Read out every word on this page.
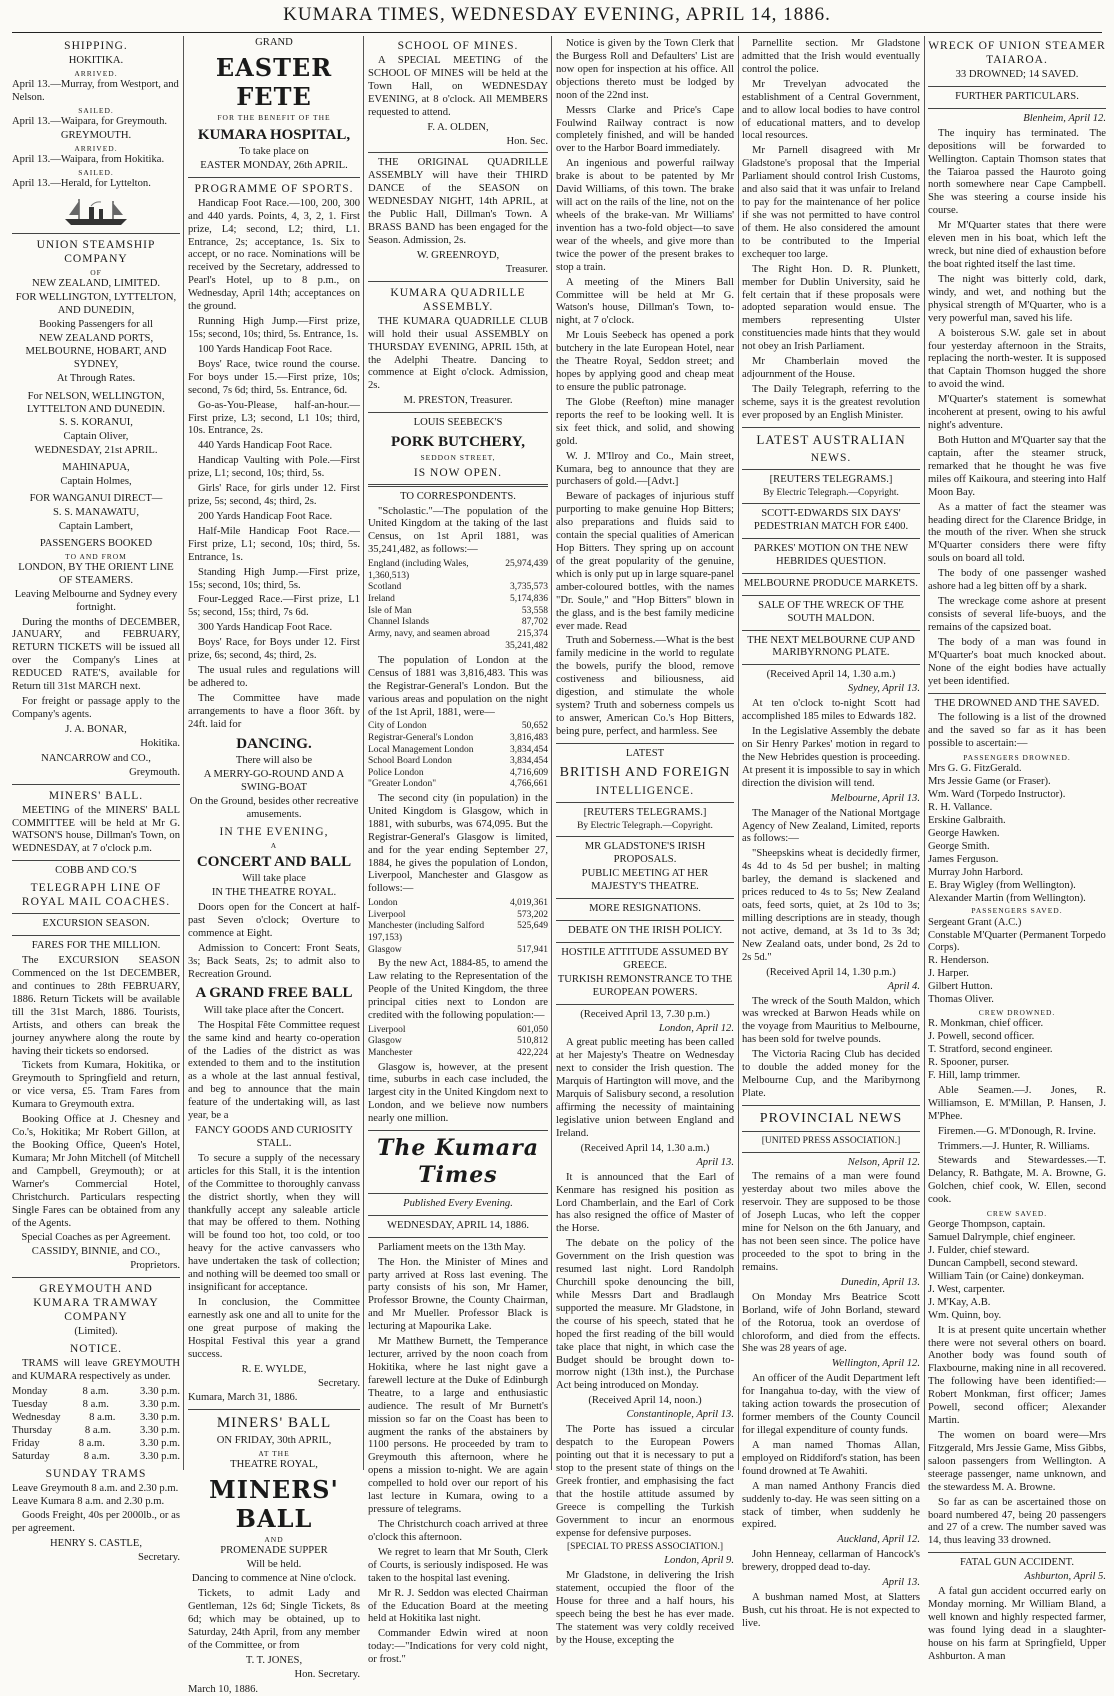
KUMARA TIMES, WEDNESDAY EVENING, APRIL 14, 1886.
SHIPPING.
HOKITIKA.
ARRIVED.
April 13.—Murray, from Westport, and Nelson.
SAILED.
April 13.—Waipara, for Greymouth.
GREYMOUTH.
ARRIVED.
April 13.—Waipara, from Hokitika.
SAILED.
April 13.—Herald, for Lyttelton.
UNION STEAMSHIP COMPANY
OF
NEW ZEALAND, LIMITED.
FOR WELLINGTON, LYTTELTON, AND DUNEDIN,
Booking Passengers for all
NEW ZEALAND PORTS, MELBOURNE, HOBART, AND SYDNEY,
At Through Rates.
For NELSON, WELLINGTON, LYTTELTON AND DUNEDIN.
S. S. KORANUI,
Captain Oliver,
WEDNESDAY, 21st APRIL.
MAHINAPUA,
Captain Holmes,
FOR WANGANUI DIRECT—
S. S. MANAWATU,
Captain Lambert,
PASSENGERS BOOKED
TO AND FROM
LONDON, BY THE ORIENT LINE OF STEAMERS.
Leaving Melbourne and Sydney every fortnight.
During the months of DECEMBER, JANUARY, and FEBRUARY, RETURN TICKETS will be issued all over the Company's Lines at REDUCED RATE'S, available for Return till 31st MARCH next.
For freight or passage apply to the Company's agents.
J. A. BONAR,
Hokitika.
NANCARROW and CO.,
Greymouth.
MINERS' BALL.
MEETING of the MINERS' BALL COMMITTEE will be held at Mr G. WATSON'S house, Dillman's Town, on WEDNESDAY, at 7 o'clock p.m.
COBB AND CO.'S
TELEGRAPH LINE OF ROYAL MAIL COACHES.
EXCURSION SEASON.
FARES FOR THE MILLION.
The EXCURSION SEASON Commenced on the 1st DECEMBER, and continues to 28th FEBRUARY, 1886. Return Tickets will be available till the 31st March, 1886. Tourists, Artists, and others can break the journey anywhere along the route by having their tickets so endorsed.
Tickets from Kumara, Hokitika, or Greymouth to Springfield and return, or vice versa, £5. Tram Fares from Kumara to Greymouth extra.
Booking Office at J. Chesney and Co.'s, Hokitika; Mr Robert Gillon, at the Booking Office, Queen's Hotel, Kumara; Mr John Mitchell (of Mitchell and Campbell, Greymouth); or at Warner's Commercial Hotel, Christchurch. Particulars respecting Single Fares can be obtained from any of the Agents.
Special Coaches as per Agreement.
CASSIDY, BINNIE, and CO.,
Proprietors.
GREYMOUTH AND KUMARA TRAMWAY COMPANY
(Limited).
NOTICE.
TRAMS will leave GREYMOUTH and KUMARA respectively as under.
Monday	8 a.m.	3.30 p.m.
Tuesday	8 a.m.	3.30 p.m.
Wednesday	8 a.m. 3.30 p.m.
Thursday	8 a.m.	3.30 p.m.
Friday	8 a.m.	3.30 p.m.
Saturday	8 a.m.	3.30 p.m.
SUNDAY TRAMS
Leave Greymouth 8 a.m. and 2.30 p.m.
Leave Kumara 8 a.m. and 2.30 p.m.
Goods Freight, 40s per 2000lb., or as per agreement.
HENRY S. CASTLE,
Secretary.
GRAND
EASTER FETE
FOR THE BENEFIT OF THE
KUMARA HOSPITAL,
To take place on
EASTER MONDAY, 26th APRIL.
PROGRAMME OF SPORTS.
Handicap Foot Race.—100, 200, 300 and 440 yards. Points, 4, 3, 2, 1. First prize, L4; second, L2; third, L1. Entrance, 2s; acceptance, 1s. Six to accept, or no race. Nominations will be received by the Secretary, addressed to Pearl's Hotel, up to 8 p.m., on Wednesday, April 14th; acceptances on the ground.
Running High Jump.—First prize, 15s; second, 10s; third, 5s. Entrance, 1s.
100 Yards Handicap Foot Race.
Boys' Race, twice round the course. For boys under 15.—First prize, 10s; second, 7s 6d; third, 5s. Entrance, 6d.
Go-as-You-Please, half-an-hour.—First prize, L3; second, L1 10s; third, 10s. Entrance, 2s.
440 Yards Handicap Foot Race.
Handicap Vaulting with Pole.—First prize, L1; second, 10s; third, 5s.
Girls' Race, for girls under 12. First prize, 5s; second, 4s; third, 2s.
200 Yards Handicap Foot Race.
Half-Mile Handicap Foot Race.—First prize, L1; second, 10s; third, 5s. Entrance, 1s.
Standing High Jump.—First prize, 15s; second, 10s; third, 5s.
Four-Legged Race.—First prize, L1 5s; second, 15s; third, 7s 6d.
300 Yards Handicap Foot Race.
Boys' Race, for Boys under 12. First prize, 6s; second, 4s; third, 2s.
The usual rules and regulations will be adhered to.
The Committee have made arrangements to have a floor 36ft. by 24ft. laid for
DANCING.
There will also be
A MERRY-GO-ROUND AND A SWING-BOAT
On the Ground, besides other recreative amusements.
IN THE EVENING,
A
CONCERT AND BALL
Will take place
IN THE THEATRE ROYAL.
Doors open for the Concert at half-past Seven o'clock; Overture to commence at Eight.
Admission to Concert: Front Seats, 3s; Back Seats, 2s; to admit also to Recreation Ground.
A GRAND FREE BALL
Will take place after the Concert.
The Hospital Fête Committee request the same kind and hearty co-operation of the Ladies of the district as was extended to them and to the institution as a whole at the last annual festival, and beg to announce that the main feature of the undertaking will, as last year, be a
FANCY GOODS AND CURIOSITY STALL.
To secure a supply of the necessary articles for this Stall, it is the intention of the Committee to thoroughly canvass the district shortly, when they will thankfully accept any saleable article that may be offered to them. Nothing will be found too hot, too cold, or too heavy for the active canvassers who have undertaken the task of collection; and nothing will be deemed too small or insignificant for acceptance.
In conclusion, the Committee earnestly ask one and all to unite for the one great purpose of making the Hospital Festival this year a grand success.
R. E. WYLDE,
Secretary.
Kumara, March 31, 1886.
MINERS' BALL
ON FRIDAY, 30th APRIL,
AT THE
THEATRE ROYAL,
MINERS' BALL
AND
PROMENADE SUPPER
Will be held.
Dancing to commence at Nine o'clock.
Tickets, to admit Lady and Gentleman, 12s 6d; Single Tickets, 8s 6d; which may be obtained, up to Saturday, 24th April, from any member of the Committee, or from
T. T. JONES,
Hon. Secretary.
March 10, 1886.
SCHOOL OF MINES.
A SPECIAL MEETING of the SCHOOL OF MINES will be held at the Town Hall, on WEDNESDAY EVENING, at 8 o'clock. All MEMBERS requested to attend.
F. A. OLDEN,
Hon. Sec.
THE ORIGINAL QUADRILLE ASSEMBLY will have their THIRD DANCE of the SEASON on WEDNESDAY NIGHT, 14th APRIL, at the Public Hall, Dillman's Town. A BRASS BAND has been engaged for the Season. Admission, 2s.
W. GREENROYD,
Treasurer.
KUMARA QUADRILLE ASSEMBLY.
THE KUMARA QUADRILLE CLUB will hold their usual ASSEMBLY on THURSDAY EVENING, APRIL 15th, at the Adelphi Theatre. Dancing to commence at Eight o'clock. Admission, 2s.
M. PRESTON, Treasurer.
LOUIS SEEBECK'S
PORK BUTCHERY,
SEDDON STREET,
IS NOW OPEN.
TO CORRESPONDENTS.
"Scholastic."—The population of the United Kingdom at the taking of the last Census, on 1st April 1881, was 35,241,482, as follows:—
England (including Wales, 1,360,513)
25,974,439
Scotland	3,735,573
Ireland	5,174,836
Isle of Man	53,558
Channel Islands	87,702
Army, navy, and seamen abroad	215,374
35,241,482
The population of London at the Census of 1881 was 3,816,483. This was the Registrar-General's London. But the various areas and population on the night of the 1st April, 1881, were—
City of London	50,652
Registrar-General's London	3,816,483
Local Management London	3,834,454
School Board London	3,834,454
Police London	4,716,609
"Greater London"	4,766,661
The second city (in population) in the United Kingdom is Glasgow, which in 1881, with suburbs, was 674,095. But the Registrar-General's Glasgow is limited, and for the year ending September 27, 1884, he gives the population of London, Liverpool, Manchester and Glasgow as follows:—
London	4,019,361
Liverpool	573,202
Manchester (including Salford 197,153)
525,649
Glasgow	517,941
By the new Act, 1884-85, to amend the Law relating to the Representation of the People of the United Kingdom, the three principal cities next to London are credited with the following population:—
Liverpool	601,050
Glasgow	510,812
Manchester	422,224
Glasgow is, however, at the present time, suburbs in each case included, the largest city in the United Kingdom next to London, and we believe now numbers nearly one million.
The Kumara Times
Published Every Evening.
WEDNESDAY, APRIL 14, 1886.
Parliament meets on the 13th May.
The Hon. the Minister of Mines and party arrived at Ross last evening. The party consists of his son, Mr Hamer, Professor Browne, the County Chairman, and Mr Mueller. Professor Black is lecturing at Mapourika Lake.
Mr Matthew Burnett, the Temperance lecturer, arrived by the noon coach from Hokitika, where he last night gave a farewell lecture at the Duke of Edinburgh Theatre, to a large and enthusiastic audience. The result of Mr Burnett's mission so far on the Coast has been to augment the ranks of the abstainers by 1100 persons. He proceeded by tram to Greymouth this afternoon, where he opens a mission to-night. We are again compelled to hold over our report of his last lecture in Kumara, owing to a pressure of telegrams.
The Christchurch coach arrived at three o'clock this afternoon.
We regret to learn that Mr South, Clerk of Courts, is seriously indisposed. He was taken to the hospital last evening.
Mr R. J. Seddon was elected Chairman of the Education Board at the meeting held at Hokitika last night.
Commander Edwin wired at noon today:—"Indications for very cold night, or frost."
Notice is given by the Town Clerk that the Burgess Roll and Defaulters' List are now open for inspection at his office. All objections thereto must be lodged by noon of the 22nd inst.
Messrs Clarke and Price's Cape Foulwind Railway contract is now completely finished, and will be handed over to the Harbor Board immediately.
An ingenious and powerful railway brake is about to be patented by Mr David Williams, of this town. The brake will act on the rails of the line, not on the wheels of the brake-van. Mr Williams' invention has a two-fold object—to save wear of the wheels, and give more than twice the power of the present brakes to stop a train.
A meeting of the Miners Ball Committee will be held at Mr G. Watson's house, Dillman's Town, to-night, at 7 o'clock.
Mr Louis Seebeck has opened a pork butchery in the late European Hotel, near the Theatre Royal, Seddon street; and hopes by applying good and cheap meat to ensure the public patronage.
The Globe (Reefton) mine manager reports the reef to be looking well. It is six feet thick, and solid, and showing gold.
W. J. M'Ilroy and Co., Main street, Kumara, beg to announce that they are purchasers of gold.—[Advt.]
Beware of packages of injurious stuff purporting to make genuine Hop Bitters; also preparations and fluids said to contain the special qualities of American Hop Bitters. They spring up on account of the great popularity of the genuine, which is only put up in large square-panel amber-coloured bottles, with the names "Dr. Soule," and "Hop Bitters" blown in the glass, and is the best family medicine ever made. Read
Truth and Soberness.—What is the best family medicine in the world to regulate the bowels, purify the blood, remove costiveness and biliousness, aid digestion, and stimulate the whole system? Truth and soberness compels us to answer, American Co.'s Hop Bitters, being pure, perfect, and harmless. See
LATEST
BRITISH AND FOREIGN
INTELLIGENCE.
[REUTERS TELEGRAMS.]
By Electric Telegraph.—Copyright.
MR GLADSTONE'S IRISH PROPOSALS.
PUBLIC MEETING AT HER MAJESTY'S THEATRE.
MORE RESIGNATIONS.
DEBATE ON THE IRISH POLICY.
HOSTILE ATTITUDE ASSUMED BY GREECE.
TURKISH REMONSTRANCE TO THE EUROPEAN POWERS.
(Received April 13, 7.30 p.m.)
London, April 12.
A great public meeting has been called at her Majesty's Theatre on Wednesday next to consider the Irish question. The Marquis of Hartington will move, and the Marquis of Salisbury second, a resolution affirming the necessity of maintaining legislative union between England and Ireland.
(Received April 14, 1.30 a.m.)
April 13.
It is announced that the Earl of Kenmare has resigned his position as Lord Chamberlain, and the Earl of Cork has also resigned the office of Master of the Horse.
The debate on the policy of the Government on the Irish question was resumed last night. Lord Randolph Churchill spoke denouncing the bill, while Messrs Dart and Bradlaugh supported the measure. Mr Gladstone, in the course of his speech, stated that he hoped the first reading of the bill would take place that night, in which case the Budget should be brought down to-morrow night (13th inst.), the Purchase Act being introduced on Monday.
(Received April 14, noon.)
Constantinople, April 13.
The Porte has issued a circular despatch to the European Powers pointing out that it is necessary to put a stop to the present state of things on the Greek frontier, and emphasising the fact that the hostile attitude assumed by Greece is compelling the Turkish Government to incur an enormous expense for defensive purposes.
[SPECIAL TO PRESS ASSOCIATION.]
London, April 9.
Mr Gladstone, in delivering the Irish statement, occupied the floor of the House for three and a half hours, his speech being the best he has ever made. The statement was very coldly received by the House, excepting the
Parnellite section. Mr Gladstone admitted that the Irish would eventually control the police.
Mr Trevelyan advocated the establishment of a Central Government, and to allow local bodies to have control of educational matters, and to develop local resources.
Mr Parnell disagreed with Mr Gladstone's proposal that the Imperial Parliament should control Irish Customs, and also said that it was unfair to Ireland to pay for the maintenance of her police if she was not permitted to have control of them. He also considered the amount to be contributed to the Imperial exchequer too large.
The Right Hon. D. R. Plunkett, member for Dublin University, said he felt certain that if these proposals were adopted separation would ensue. The members representing Ulster constituencies made hints that they would not obey an Irish Parliament.
Mr Chamberlain moved the adjournment of the House.
The Daily Telegraph, referring to the scheme, says it is the greatest revolution ever proposed by an English Minister.
LATEST AUSTRALIAN
NEWS.
[REUTERS TELEGRAMS.]
By Electric Telegraph.—Copyright.
SCOTT-EDWARDS SIX DAYS' PEDESTRIAN MATCH FOR £400.
PARKES' MOTION ON THE NEW HEBRIDES QUESTION.
MELBOURNE PRODUCE MARKETS.
SALE OF THE WRECK OF THE SOUTH MALDON.
THE NEXT MELBOURNE CUP AND MARIBYRNONG PLATE.
(Received April 14, 1.30 a.m.)
Sydney, April 13.
At ten o'clock to-night Scott had accomplished 185 miles to Edwards 182.
In the Legislative Assembly the debate on Sir Henry Parkes' motion in regard to the New Hebrides question is proceeding. At present it is impossible to say in which direction the division will tend.
Melbourne, April 13.
The Manager of the National Mortgage Agency of New Zealand, Limited, reports as follows:—
"Sheepskins wheat is decidedly firmer, 4s 4d to 4s 5d per bushel; in malting barley, the demand is slackened and prices reduced to 4s to 5s; New Zealand oats, feed sorts, quiet, at 2s 10d to 3s; milling descriptions are in steady, though not active, demand, at 3s 1d to 3s 3d; New Zealand oats, under bond, 2s 2d to 2s 5d."
(Received April 14, 1.30 p.m.)
April 4.
The wreck of the South Maldon, which was wrecked at Barwon Heads while on the voyage from Mauritius to Melbourne, has been sold for twelve pounds.
The Victoria Racing Club has decided to double the added money for the Melbourne Cup, and the Maribyrnong Plate.
PROVINCIAL NEWS
[UNITED PRESS ASSOCIATION.]
Nelson, April 12.
The remains of a man were found yesterday about two miles above the reservoir. They are supposed to be those of Joseph Lucas, who left the copper mine for Nelson on the 6th January, and has not been seen since. The police have proceeded to the spot to bring in the remains.
Dunedin, April 13.
On Monday Mrs Beatrice Scott Borland, wife of John Borland, steward of the Rotorua, took an overdose of chloroform, and died from the effects. She was 28 years of age.
Wellington, April 12.
An officer of the Audit Department left for Inangahua to-day, with the view of taking action towards the prosecution of former members of the County Council for illegal expenditure of county funds.
A man named Thomas Allan, employed on Riddiford's station, has been found drowned at Te Awahiti.
A man named Anthony Francis died suddenly to-day. He was seen sitting on a stack of timber, when suddenly he expired.
Auckland, April 12.
John Henneay, cellarman of Hancock's brewery, dropped dead to-day.
April 13.
A bushman named Most, at Slatters Bush, cut his throat. He is not expected to live.
WRECK OF UNION STEAMER TAIAROA.
33 DROWNED; 14 SAVED.
FURTHER PARTICULARS.
Blenheim, April 12.
The inquiry has terminated. The depositions will be forwarded to Wellington. Captain Thomson states that the Taiaroa passed the Hauroto going north somewhere near Cape Campbell. She was steering a course inside his course.
Mr M'Quarter states that there were eleven men in his boat, which left the wreck, but nine died of exhaustion before the boat righted itself the last time.
The night was bitterly cold, dark, windy, and wet, and nothing but the physical strength of M'Quarter, who is a very powerful man, saved his life.
A boisterous S.W. gale set in about four yesterday afternoon in the Straits, replacing the north-wester. It is supposed that Captain Thomson hugged the shore to avoid the wind.
M'Quarter's statement is somewhat incoherent at present, owing to his awful night's adventure.
Both Hutton and M'Quarter say that the captain, after the steamer struck, remarked that he thought he was five miles off Kaikoura, and steering into Half Moon Bay.
As a matter of fact the steamer was heading direct for the Clarence Bridge, in the mouth of the river. When she struck M'Quarter considers there were fifty souls on board all told.
The body of one passenger washed ashore had a leg bitten off by a shark.
The wreckage come ashore at present consists of several life-buoys, and the remains of the capsized boat.
The body of a man was found in M'Quarter's boat much knocked about. None of the eight bodies have actually yet been identified.
THE DROWNED AND THE SAVED.
The following is a list of the drowned and the saved so far as it has been possible to ascertain:—
PASSENGERS DROWNED.
Mrs G. G. FitzGerald.
Mrs Jessie Game (or Fraser).
Wm. Ward (Torpedo Instructor).
R. H. Vallance.
Erskine Galbraith.
George Hawken.
George Smith.
James Ferguson.
Murray John Harbord.
E. Bray Wigley (from Wellington).
Alexander Martin (from Wellington).
PASSENGERS SAVED.
Sergeant Grant (A.C.)
Constable M'Quarter (Permanent Torpedo Corps).
R. Henderson.
J. Harper.
Gilbert Hutton.
Thomas Oliver.
CREW DROWNED.
R. Monkman, chief officer.
J. Powell, second officer.
T. Stratford, second engineer.
R. Spooner, purser.
F. Hill, lamp trimmer.
Able Seamen.—J. Jones, R. Williamson, E. M'Millan, P. Hansen, J. M'Phee.
Firemen.—G. M'Donough, R. Irvine.
Trimmers.—J. Hunter, R. Williams.
Stewards and Stewardesses.—T. Delancy, R. Bathgate, M. A. Browne, G. Golchen, chief cook, W. Ellen, second cook.
CREW SAVED.
George Thompson, captain.
Samuel Dalrymple, chief engineer.
J. Fulder, chief steward.
Duncan Campbell, second steward.
William Tain (or Caine) donkeyman.
J. West, carpenter.
J. M'Kay, A.B.
Wm. Quinn, boy.
It is at present quite uncertain whether there were not several others on board. Another body was found south of Flaxbourne, making nine in all recovered. The following have been identified:—Robert Monkman, first officer; James Powell, second officer; Alexander Martin.
The women on board were—Mrs Fitzgerald, Mrs Jessie Game, Miss Gibbs, saloon passengers from Wellington. A steerage passenger, name unknown, and the stewardess M. A. Browne.
So far as can be ascertained those on board numbered 47, being 20 passengers and 27 of a crew. The number saved was 14, thus leaving 33 drowned.
FATAL GUN ACCIDENT.
Ashburton, April 5.
A fatal gun accident occurred early on Monday morning. Mr William Bland, a well known and highly respected farmer, was found lying dead in a slaughter-house on his farm at Springfield, Upper Ashburton. A man
